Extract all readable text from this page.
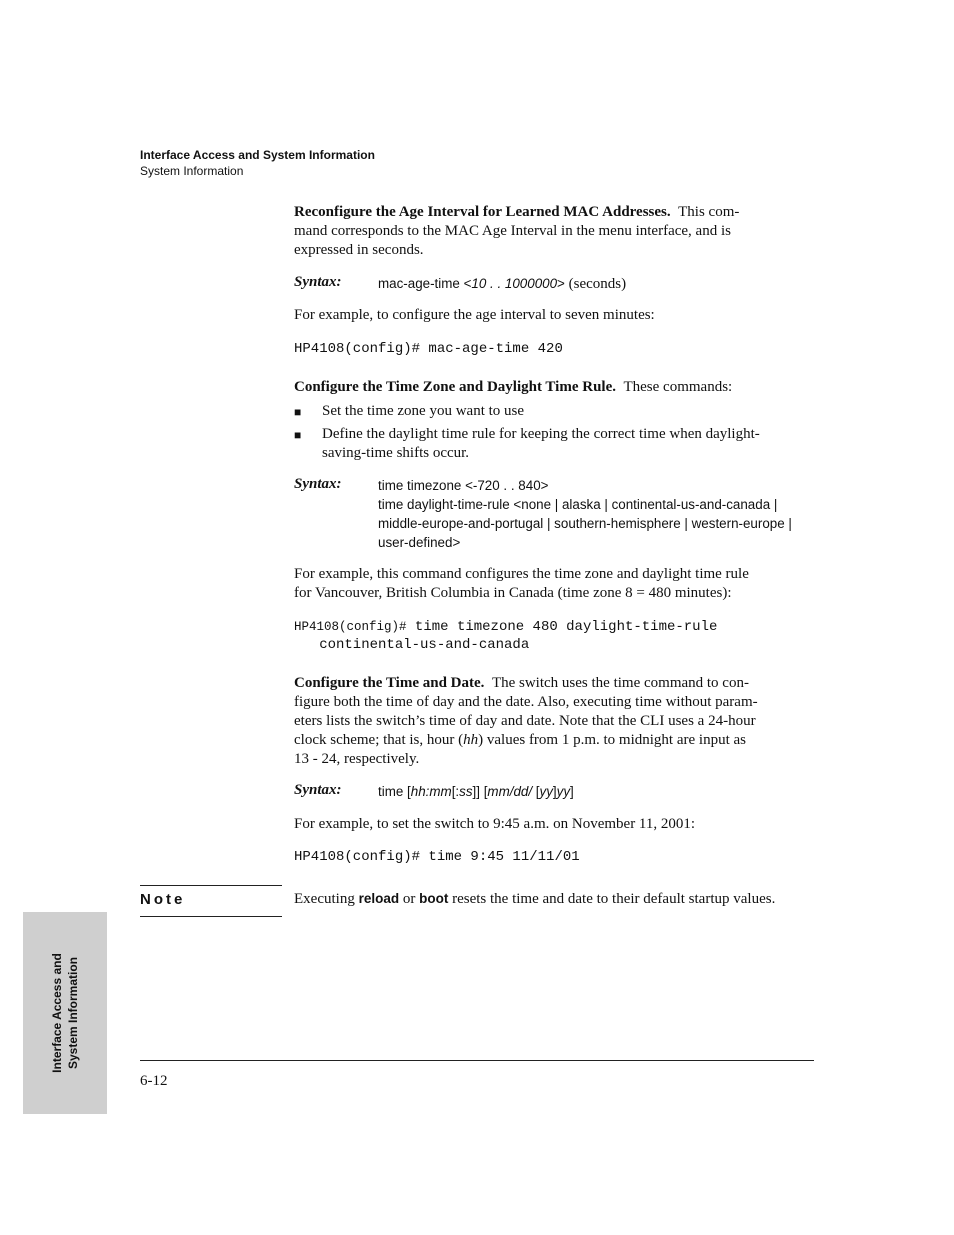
Interface Access and System Information
System Information
Reconfigure the Age Interval for Learned MAC Addresses. This com-
mand corresponds to the MAC Age Interval in the menu interface, and is
expressed in seconds.
Syntax:	mac-age-time <10 . . 1000000> (seconds)
For example, to configure the age interval to seven minutes:
HP4108(config)# mac-age-time 420
Configure the Time Zone and Daylight Time Rule. These commands:
■ Set the time zone you want to use
■ Define the daylight time rule for keeping the correct time when daylight-
saving-time shifts occur.
Syntax:	time timezone <-720 . . 840>
time daylight-time-rule <none | alaska | continental-us-and-canada |
middle-europe-and-portugal | southern-hemisphere | western-europe |
user-defined>
For example, this command configures the time zone and daylight time rule
for Vancouver, British Columbia in Canada (time zone 8 = 480 minutes):
HP4108(config)# time timezone 480 daylight-time-rule
continental-us-and-canada
Configure the Time and Date. The switch uses the time command to con-
figure both the time of day and the date. Also, executing time without param-
eters lists the switch’s time of day and date. Note that the CLI uses a 24-hour
clock scheme; that is, hour (hh) values from 1 p.m. to midnight are input as
13 - 24, respectively.
Syntax:	time [hh:mm[:ss]] [mm/dd/ [yy]yy]
For example, to set the switch to 9:45 a.m. on November 11, 2001:
HP4108(config)# time 9:45 11/11/01
Note	Executing reload or boot resets the time and date to their default startup values.
Interface Access and System Information
6-12
